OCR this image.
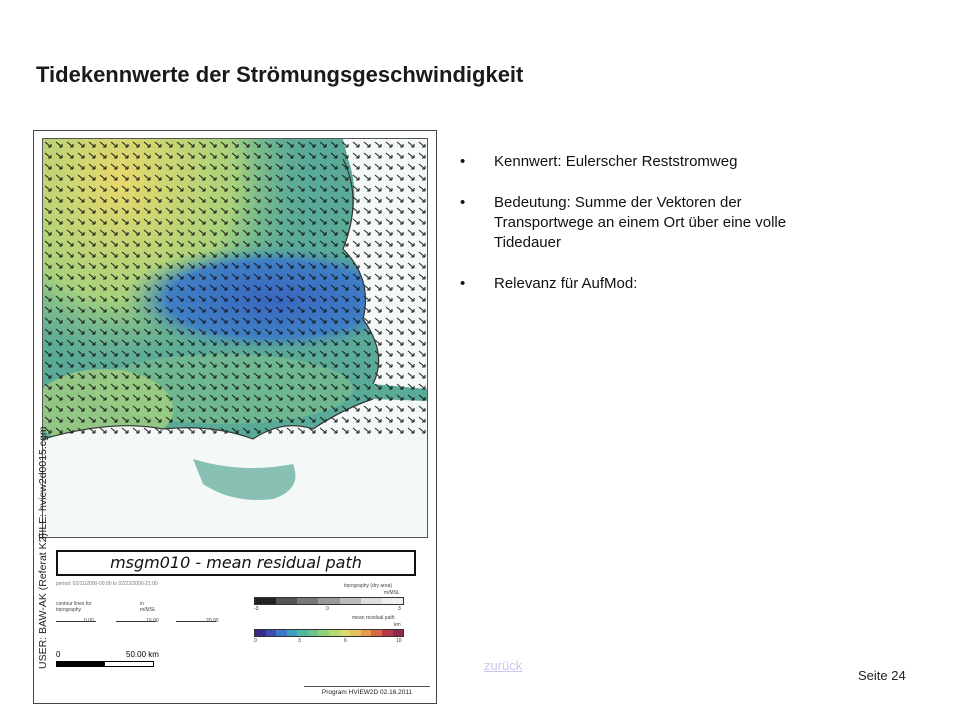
Tidekennwerte der Strömungsgeschwindigkeit
USER: BAW-AK (Referat K2)
FILE: hview2d0015.cgm
msgm010 - mean residual path
period: 02/11/2000-00:00 to 02/23/2000-21:00
contour lines for
topography
in
m/MSL
0.00	10.00	20.00
topography (dry area)
m/MSL
-3	0	3
mean residual path
km
0	3	6	10
0	50.00 km
Program HVIEW2D 02.16.2011
• Kennwert: Eulerscher Reststromweg
• Bedeutung: Summe der Vektoren der Transportwege an einem Ort über eine volle Tidedauer
• Relevanz für AufMod:
zurück
Seite 24
